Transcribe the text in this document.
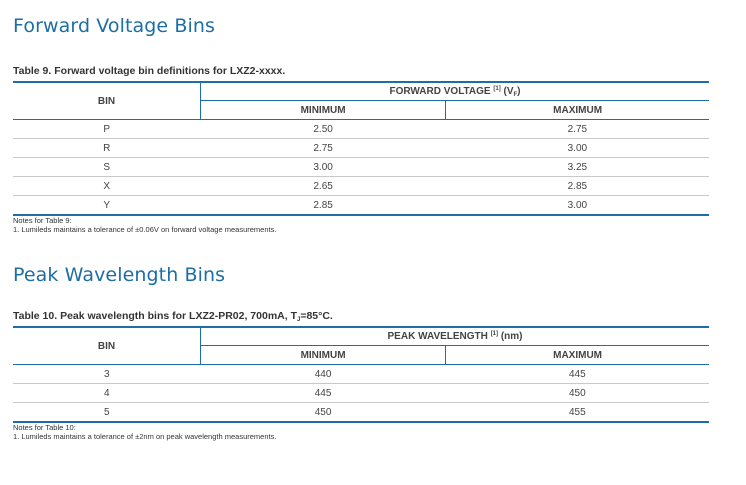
Forward Voltage Bins

Table 9. Forward voltage bin definitions for LXZ2-xxxx.

BIN	FORWARD VOLTAGE [1] $(V_F)$	
	MINIMUM	MAXIMUM
P	2.50	2.75
R	2.75	3.00
S	3.00	3.25
X	2.65	2.85
Y	2.85	3.00
Notes for Table 9:
1. Lumileds maintains a tolerance of ±0.06V on forward voltage measurements.
Peak Wavelength Bins

Table 10. Peak wavelength bins for LXZ2-PR02, 700mA, $T_J=85^\circ C$.

BIN	PEAK WAVELENGTH [1] (nm)	
	MINIMUM	MAXIMUM
3	440	445
4	445	450
5	450	455
Notes for Table 10:
1. Lumileds maintains a tolerance of ±2nm on peak wavelength measurements.
